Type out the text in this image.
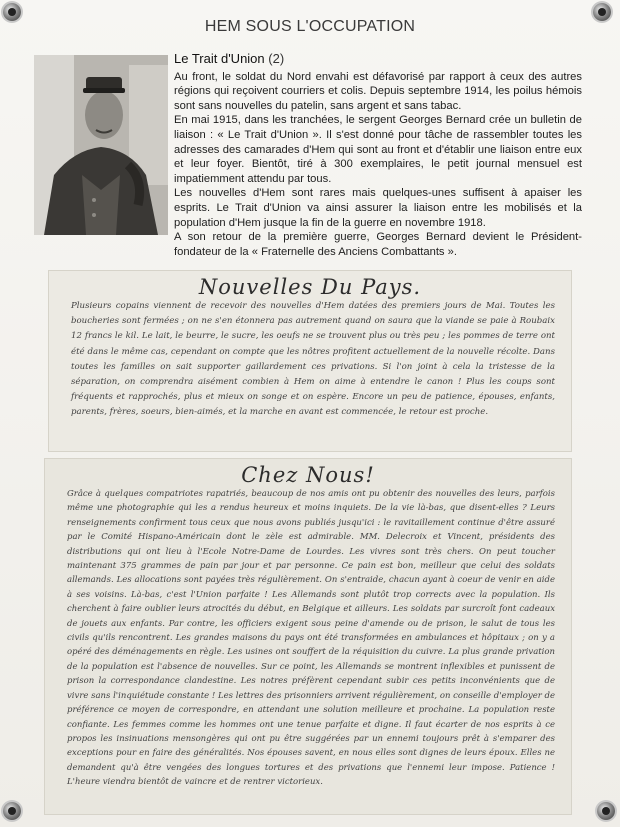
HEM SOUS L'OCCUPATION
Le Trait d'Union (2)

Au front, le soldat du Nord envahi est défavorisé par rapport à ceux des autres régions qui reçoivent courriers et colis. Depuis septembre 1914, les poilus hémois sont sans nouvelles du patelin, sans argent et sans tabac.

En mai 1915, dans les tranchées, le sergent Georges Bernard crée un bulletin de liaison : « Le Trait d'Union ». Il s'est donné pour tâche de rassembler toutes les adresses des camarades d'Hem qui sont au front et d'établir une liaison entre eux et leur foyer. Bientôt, tiré à 300 exemplaires, le petit journal mensuel est impatiemment attendu par tous.

Les nouvelles d'Hem sont rares mais quelques-unes suffisent à apaiser les esprits. Le Trait d'Union va ainsi assurer la liaison entre les mobilisés et la population d'Hem jusque la fin de la guerre en novembre 1918.

A son retour de la première guerre, Georges Bernard devient le Président-fondateur de la « Fraternelle des Anciens Combattants ».

Nouvelles Du Pays.
Plusieurs copains viennent de recevoir des nouvelles d'Hem datées des premiers jours de Mai. Toutes les boucheries sont fermées ; on ne s'en étonnera pas autrement quand on saura que la viande se paie à Roubaix 12 francs le kil. Le lait, le beurre, le sucre, les oeufs ne se trouvent plus ou très peu ; les pommes de terre ont été dans le même cas, cependant on compte que les nôtres profitent actuellement de la nouvelle récolte. Dans toutes les familles on sait supporter gaillardement ces privations. Si l'on joint à cela la tristesse de la séparation, on comprendra aisément combien à Hem on aime à entendre le canon ! Plus les coups sont fréquents et rapprochés, plus et mieux on songe et on espère. Encore un peu de patience, épouses, enfants, parents, frères, soeurs, bien-aimés, et la marche en avant est commencée, le retour est proche.
Chez Nous!
Grâce à quelques compatriotes rapatriés, beaucoup de nos amis ont pu obtenir des nouvelles des leurs, parfois même une photographie qui les a rendus heureux et moins inquiets. De la vie là-bas, que disent-elles ? Leurs renseignements confirment tous ceux que nous avons publiés jusqu'ici : le ravitaillement continue d'être assuré par le Comité Hispano-Américain dont le zèle est admirable. MM. Delecroix et Vincent, présidents des distributions qui ont lieu à l'Ecole Notre-Dame de Lourdes. Les vivres sont très chers. On peut toucher maintenant 375 grammes de pain par jour et par personne. Ce pain est bon, meilleur que celui des soldats allemands. Les allocations sont payées très régulièrement. On s'entraide, chacun ayant à coeur de venir en aide à ses voisins. Là-bas, c'est l'Union parfaite ! Les Allemands sont plutôt trop corrects avec la population. Ils cherchent à faire oublier leurs atrocités du début, en Belgique et ailleurs. Les soldats par surcroît font cadeaux de jouets aux enfants. Par contre, les officiers exigent sous peine d'amende ou de prison, le salut de tous les civils qu'ils rencontrent. Les grandes maisons du pays ont été transformées en ambulances et hôpitaux ; on y a opéré des déménagements en règle. Les usines ont souffert de la réquisition du cuivre. La plus grande privation de la population est l'absence de nouvelles. Sur ce point, les Allemands se montrent inflexibles et punissent de prison la correspondance clandestine. Les notres préfèrent cependant subir ces petits inconvénients que de vivre sans l'inquiétude constante ! Les lettres des prisonniers arrivent régulièrement, on conseille d'employer de préférence ce moyen de correspondre, en attendant une solution meilleure et prochaine. La population reste confiante. Les femmes comme les hommes ont une tenue parfaite et digne. Il faut écarter de nos esprits à ce propos les insinuations mensongères qui ont pu être suggérées par un ennemi toujours prêt à s'emparer des exceptions pour en faire des généralités. Nos épouses savent, en nous elles sont dignes de leurs époux. Elles ne demandent qu'à être vengées des longues tortures et des privations que l'ennemi leur impose. Patience ! L'heure viendra bientôt de vaincre et de rentrer victorieux.
